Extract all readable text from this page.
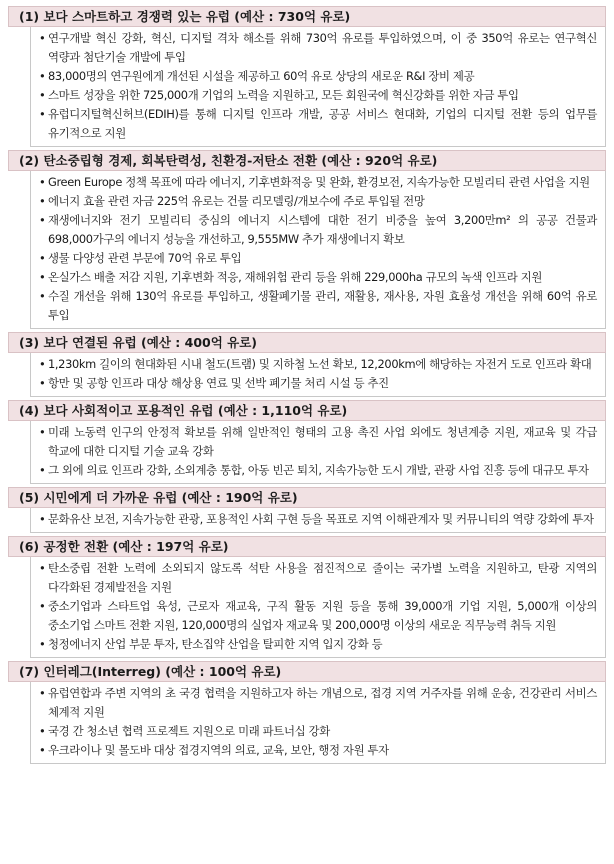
(1) 보다 스마트하고 경쟁력 있는 유럽 (예산 : 730억 유로)
• 연구개발 혁신 강화, 혁신, 디지털 격차 해소를 위해 730억 유로를 투입하였으며, 이 중 350억 유로는 연구혁신 역량과 첨단기술 개발에 투입
• 83,000명의 연구원에게 개선된 시설을 제공하고 60억 유로 상당의 새로운 R&I 장비 제공
• 스마트 성장을 위한 725,000개 기업의 노력을 지원하고, 모든 회원국에 혁신강화를 위한 자금 투입
• 유럽디지털혁신허브(EDIH)를 통해 디지털 인프라 개발, 공공 서비스 현대화, 기업의 디지털 전환 등의 업무를 유기적으로 지원
(2) 탄소중립형 경제, 회복탄력성, 친환경-저탄소 전환 (예산 : 920억 유로)
• Green Europe 정책 목표에 따라 에너지, 기후변화적응 및 완화, 환경보전, 지속가능한 모빌리티 관련 사업을 지원
• 에너지 효율 관련 자금 225억 유로는 건물 리모델링/개보수에 주로 투입될 전망
• 재생에너지와 전기 모빌리티 중심의 에너지 시스템에 대한 전기 비중을 높여 3,200만m² 의 공공 건물과 698,000가구의 에너지 성능을 개선하고, 9,555MW 추가 재생에너지 확보
• 생물 다양성 관련 부문에 70억 유로 투입
• 온실가스 배출 저감 지원, 기후변화 적응, 재해위험 관리 등을 위해 229,000ha 규모의 녹색 인프라 지원
• 수질 개선을 위해 130억 유로를 투입하고, 생활폐기물 관리, 재활용, 재사용, 자원 효율성 개선을 위해 60억 유로 투입
(3) 보다 연결된 유럽 (예산 : 400억 유로)
• 1,230km 길이의 현대화된 시내 철도(트램) 및 지하철 노선 확보, 12,200km에 해당하는 자전거 도로 인프라 확대
• 항만 및 공항 인프라 대상 해상용 연료 및 선박 폐기물 처리 시설 등 추진
(4) 보다 사회적이고 포용적인 유럽 (예산 : 1,110억 유로)
• 미래 노동력 인구의 안정적 확보를 위해 일반적인 형태의 고용 촉진 사업 외에도 청년계층 지원, 재교육 및 각급 학교에 대한 디지털 기술 교육 강화
• 그 외에 의료 인프라 강화, 소외계층 통합, 아동 빈곤 퇴치, 지속가능한 도시 개발, 관광 사업 진흥 등에 대규모 투자
(5) 시민에게 더 가까운 유럽 (예산 : 190억 유로)
• 문화유산 보전, 지속가능한 관광, 포용적인 사회 구현 등을 목표로 지역 이해관계자 및 커뮤니티의 역량 강화에 투자
(6) 공정한 전환 (예산 : 197억 유로)
• 탄소중립 전환 노력에 소외되지 않도록 석탄 사용을 점진적으로 줄이는 국가별 노력을 지원하고, 탄광 지역의 다각화된 경제발전을 지원
• 중소기업과 스타트업 육성, 근로자 재교육, 구직 활동 지원 등을 통해 39,000개 기업 지원, 5,000개 이상의 중소기업 스마트 전환 지원, 120,000명의 실업자 재교육 및 200,000명 이상의 새로운 직무능력 취득 지원
• 청정에너지 산업 부문 투자, 탄소집약 산업을 탈피한 지역 입지 강화 등
(7) 인터레그(Interreg) (예산 : 100억 유로)
• 유럽연합과 주변 지역의 초 국경 협력을 지원하고자 하는 개념으로, 접경 지역 거주자를 위해 운송, 건강관리 서비스 체계적 지원
• 국경 간 청소년 협력 프로젝트 지원으로 미래 파트너십 강화
• 우크라이나 및 몰도바 대상 접경지역의 의료, 교육, 보안, 행정 자원 투자
